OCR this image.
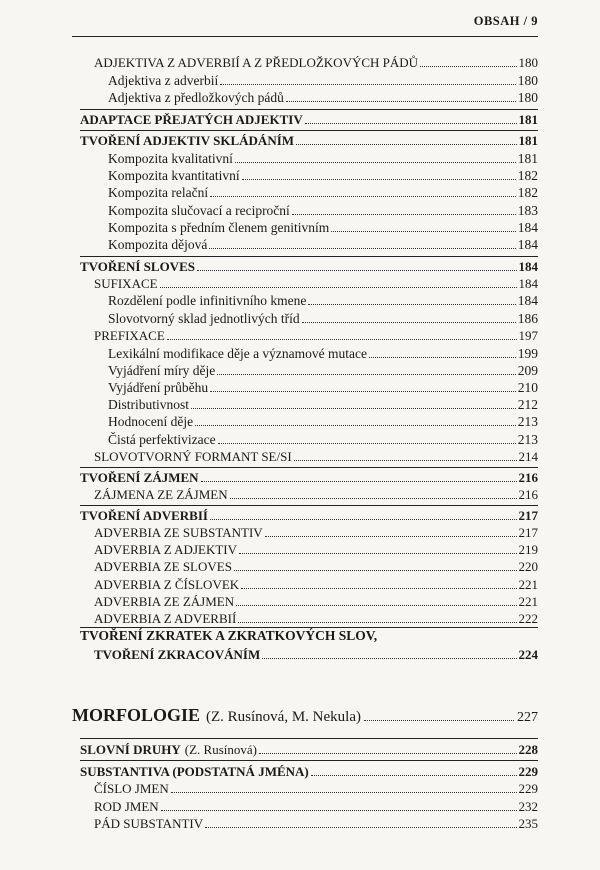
OBSAH / 9
ADJEKTIVA Z ADVERBIÍ A Z PŘEDLOŽKOVÝCH PÁDŮ	180
Adjektiva z adverbií	180
Adjektiva z předložkových pádů	180
ADAPTACE PŘEJATÝCH ADJEKTIV	181
TVOŘENÍ ADJEKTIV SKLÁDÁNÍM	181
Kompozita kvalitativní	181
Kompozita kvantitativní	182
Kompozita relační	182
Kompozita slučovací a reciproční	183
Kompozita s předním členem genitivním	184
Kompozita dějová	184
TVOŘENÍ SLOVES	184
SUFIXACE	184
Rozdělení podle infinitivního kmene	184
Slovotvorný sklad jednotlivých tříd	186
PREFIXACE	197
Lexikální modifikace děje a významové mutace	199
Vyjádření míry děje	209
Vyjádření průběhu	210
Distributivnost	212
Hodnocení děje	213
Čistá perfektivizace	213
SLOVOTVORNÝ FORMANT SE/SI	214
TVOŘENÍ ZÁJMEN	216
ZÁJMENA ZE ZÁJMEN	216
TVOŘENÍ ADVERBIÍ	217
ADVERBIA ZE SUBSTANTIV	217
ADVERBIA Z ADJEKTIV	219
ADVERBIA ZE SLOVES	220
ADVERBIA Z ČÍSLOVEK	221
ADVERBIA ZE ZÁJMEN	221
ADVERBIA Z ADVERBIÍ	222
TVOŘENÍ ZKRATEK A ZKRATKOVÝCH SLOV,
TVOŘENÍ ZKRACOVÁNÍM	224
MORFOLOGIE (Z. Rusínová, M. Nekula)	227
SLOVNÍ DRUHY (Z. Rusínová)	228
SUBSTANTIVA (PODSTATNÁ JMÉNA)	229
ČÍSLO JMEN	229
ROD JMEN	232
PÁD SUBSTANTIV	235
